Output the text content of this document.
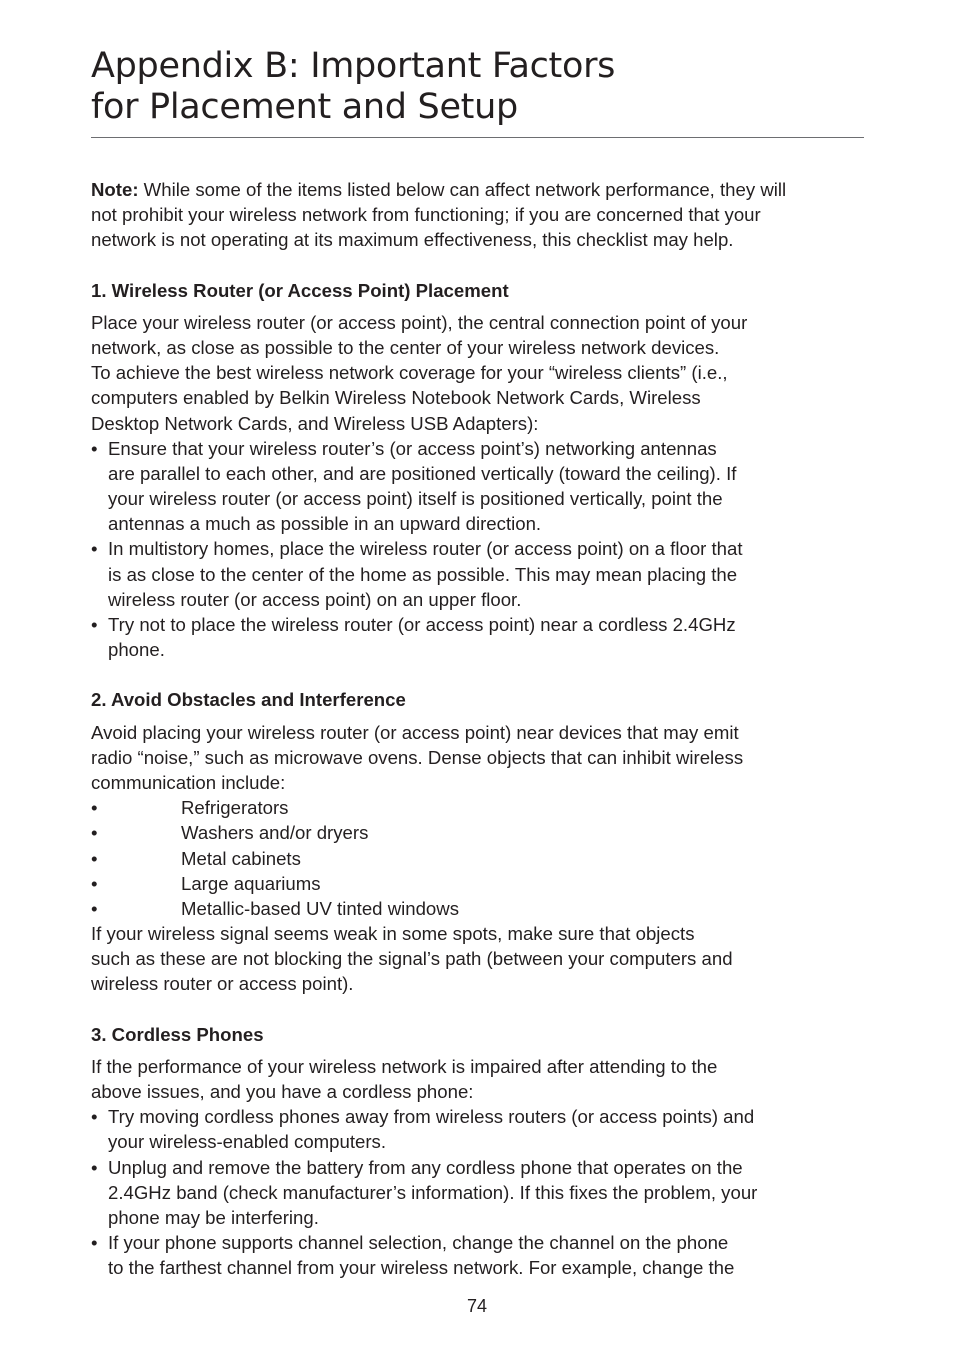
Appendix B: Important Factors
for Placement and Setup
Note: While some of the items listed below can affect network performance, they will
not prohibit your wireless network from functioning; if you are concerned that your
network is not operating at its maximum effectiveness, this checklist may help.
1. Wireless Router (or Access Point) Placement
Place your wireless router (or access point), the central connection point of your
network, as close as possible to the center of your wireless network devices.
To achieve the best wireless network coverage for your “wireless clients” (i.e.,
computers enabled by Belkin Wireless Notebook Network Cards, Wireless
Desktop Network Cards, and Wireless USB Adapters):
• Ensure that your wireless router’s (or access point’s) networking antennas
are parallel to each other, and are positioned vertically (toward the ceiling). If
your wireless router (or access point) itself is positioned vertically, point the
antennas a much as possible in an upward direction.
• In multistory homes, place the wireless router (or access point) on a floor that
is as close to the center of the home as possible. This may mean placing the
wireless router (or access point) on an upper floor.
• Try not to place the wireless router (or access point) near a cordless 2.4GHz
phone.
2. Avoid Obstacles and Interference
Avoid placing your wireless router (or access point) near devices that may emit
radio “noise,” such as microwave ovens. Dense objects that can inhibit wireless
communication include:
•	Refrigerators
•	Washers and/or dryers
•	Metal cabinets
•	Large aquariums
•	Metallic-based UV tinted windows
If your wireless signal seems weak in some spots, make sure that objects
such as these are not blocking the signal’s path (between your computers and
wireless router or access point).
3. Cordless Phones
If the performance of your wireless network is impaired after attending to the
above issues, and you have a cordless phone:
• Try moving cordless phones away from wireless routers (or access points) and
your wireless-enabled computers.
• Unplug and remove the battery from any cordless phone that operates on the
2.4GHz band (check manufacturer’s information). If this fixes the problem, your
phone may be interfering.
• If your phone supports channel selection, change the channel on the phone
to the farthest channel from your wireless network. For example, change the
74
